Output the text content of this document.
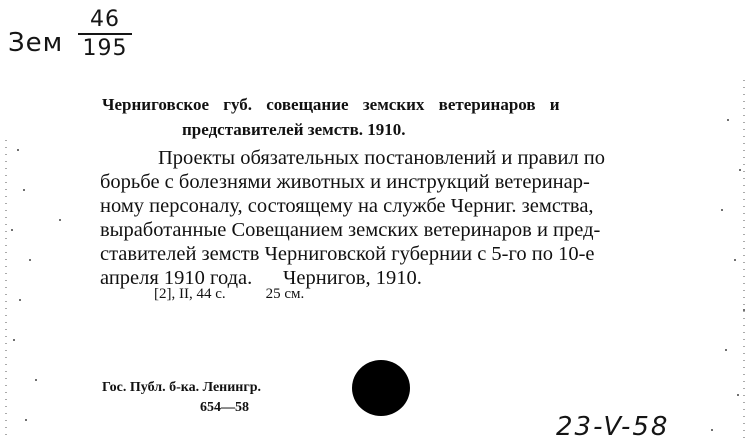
Зем
46
195
Черниговское губ. совещание земских ветеринаров и
представителей земств. 1910.
Проекты обязательных постановлений и правил по
борьбе с болезнями животных и инструкций ветеринар-
ному персоналу, состоящему на службе Черниг. земства,
выработанные Совещанием земских ветеринаров и пред-
ставителей земств Черниговской губернии с 5-го по 10-е
апреля 1910 года.      Чернигов, 1910.
[2], II, 44 с.	25 см.
Гос. Публ. б-ка. Ленингр.
654—58
23-V-58
